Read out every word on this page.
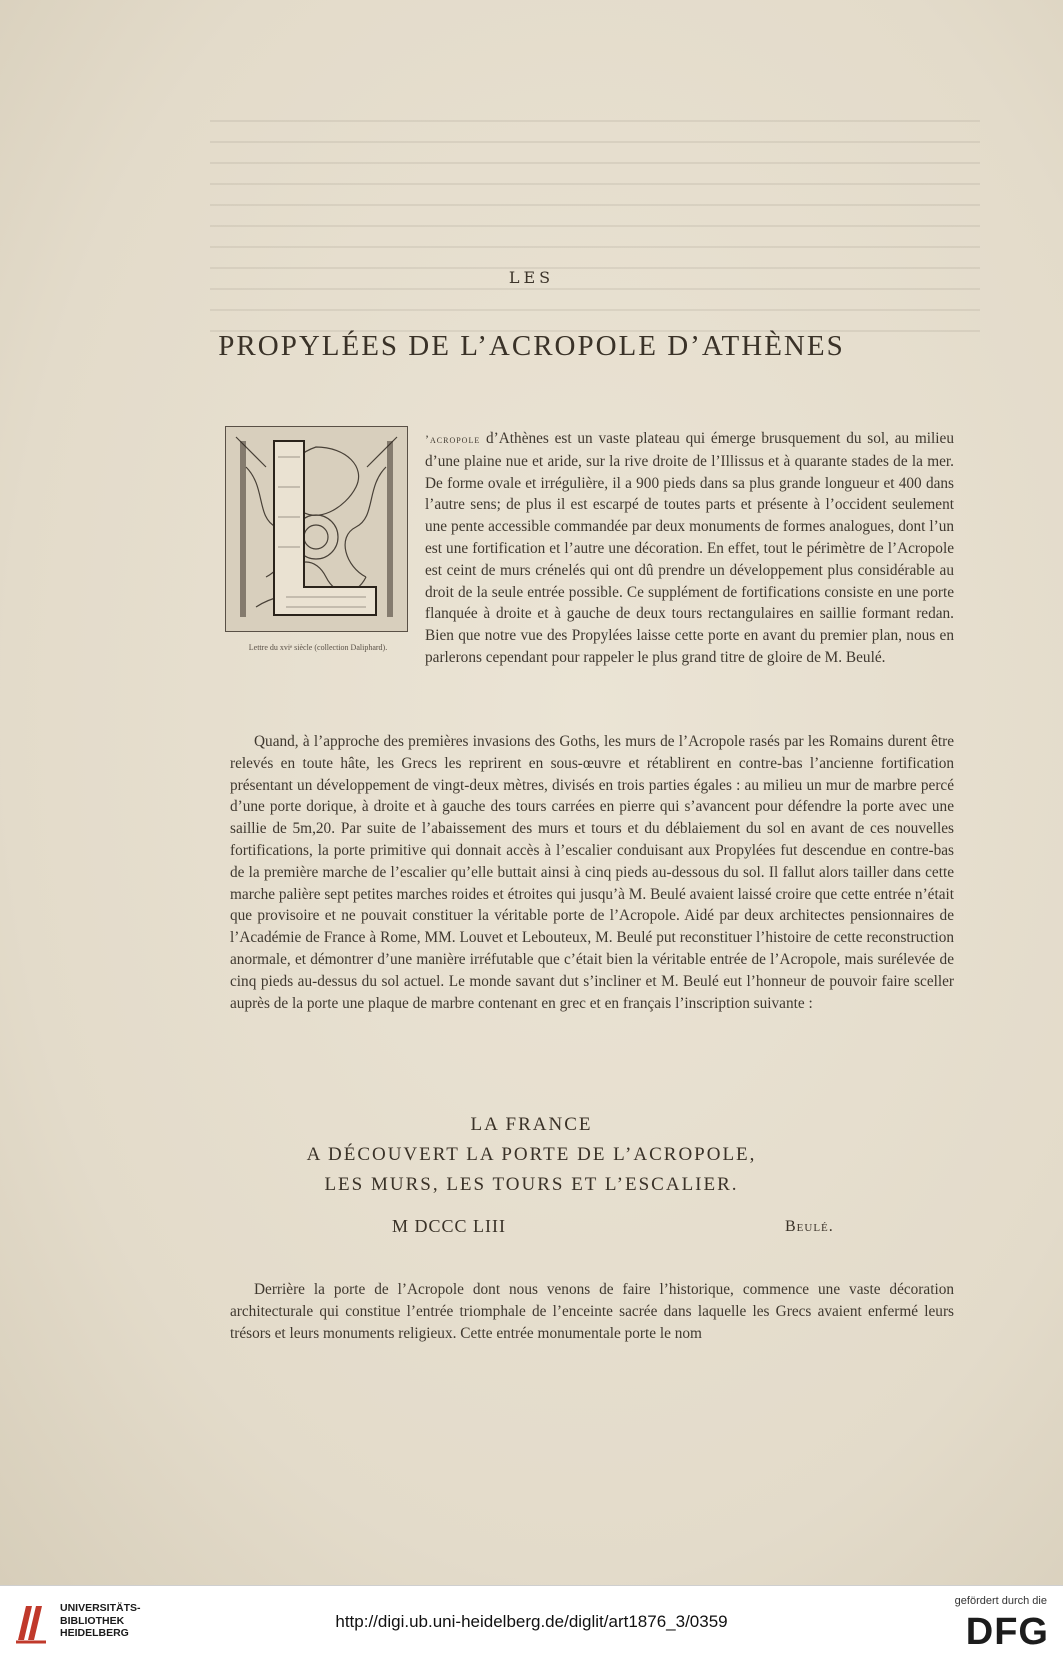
LES

PROPYLÉES DE L’ACROPOLE D’ATHÈNES
Lettre du xviᵉ siècle (collection Daliphard).

’acropole d’Athènes est un vaste plateau qui émerge brusquement du sol, au milieu d’une plaine nue et aride, sur la rive droite de l’Illissus et à quarante stades de la mer. De forme ovale et irrégulière, il a 900 pieds dans sa plus grande longueur et 400 dans l’autre sens; de plus il est escarpé de toutes parts et présente à l’occident seulement une pente accessible commandée par deux monuments de formes analogues, dont l’un est une fortification et l’autre une décoration. En effet, tout le périmètre de l’Acropole est ceint de murs crénelés qui ont dû prendre un développement plus considérable au droit de la seule entrée possible. Ce supplément de fortifications consiste en une porte flanquée à droite et à gauche de deux tours rectangulaires en saillie formant redan. Bien que notre vue des Propylées laisse cette porte en avant du premier plan, nous en parlerons cependant pour rappeler le plus grand titre de gloire de M. Beulé.

Quand, à l’approche des premières invasions des Goths, les murs de l’Acropole rasés par les Romains durent être relevés en toute hâte, les Grecs les reprirent en sous-œuvre et rétablirent en contre-bas l’ancienne fortification présentant un développement de vingt-deux mètres, divisés en trois parties égales : au milieu un mur de marbre percé d’une porte dorique, à droite et à gauche des tours carrées en pierre qui s’avancent pour défendre la porte avec une saillie de 5m,20. Par suite de l’abaissement des murs et tours et du déblaiement du sol en avant de ces nouvelles fortifications, la porte primitive qui donnait accès à l’escalier conduisant aux Propylées fut descendue en contre-bas de la première marche de l’escalier qu’elle buttait ainsi à cinq pieds au-dessous du sol. Il fallut alors tailler dans cette marche palière sept petites marches roides et étroites qui jusqu’à M. Beulé avaient laissé croire que cette entrée n’était que provisoire et ne pouvait constituer la véritable porte de l’Acropole. Aidé par deux architectes pensionnaires de l’Académie de France à Rome, MM. Louvet et Lebouteux, M. Beulé put reconstituer l’histoire de cette reconstruction anormale, et démontrer d’une manière irréfutable que c’était bien la véritable entrée de l’Acropole, mais surélevée de cinq pieds au-dessus du sol actuel. Le monde savant dut s’incliner et M. Beulé eut l’honneur de pouvoir faire sceller auprès de la porte une plaque de marbre contenant en grec et en français l’inscription suivante :

LA FRANCE

A DÉCOUVERT LA PORTE DE L’ACROPOLE,

LES MURS, LES TOURS ET L’ESCALIER.

M DCCC LIII	Beulé.

Derrière la porte de l’Acropole dont nous venons de faire l’historique, commence une vaste décoration architecturale qui constitue l’entrée triomphale de l’enceinte sacrée dans laquelle les Grecs avaient enfermé leurs trésors et leurs monuments religieux. Cette entrée monumentale porte le nom

UNIVERSITÄTS-
BIBLIOTHEK
HEIDELBERG
http://digi.ub.uni-heidelberg.de/diglit/art1876_3/0359
gefördert durch die
DFG
